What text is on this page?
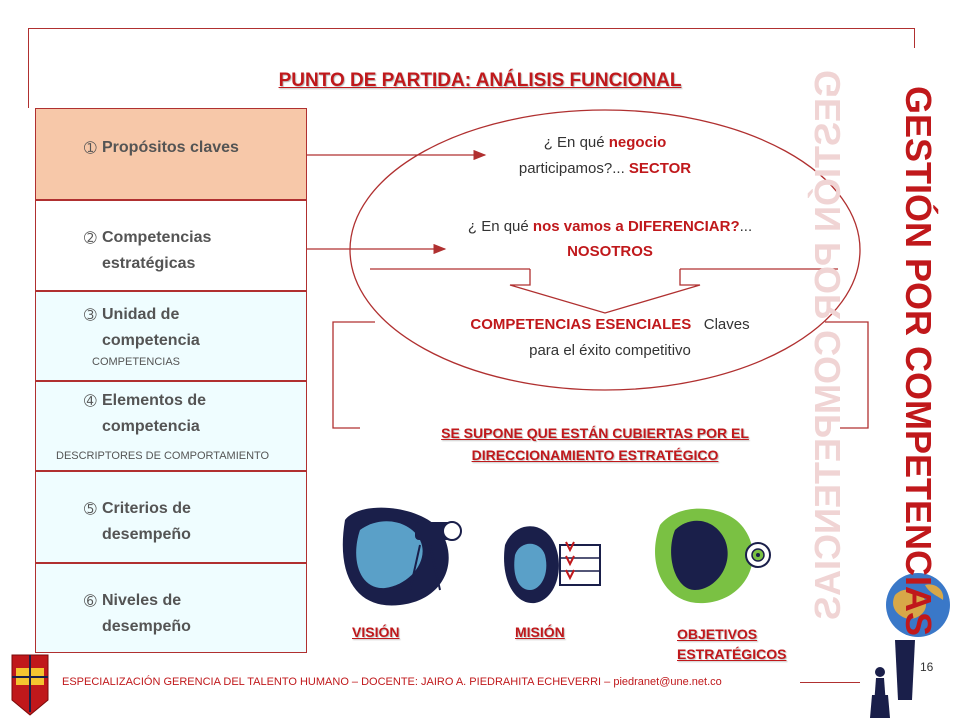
PUNTO DE PARTIDA: ANÁLISIS FUNCIONAL
➀ Propósitos claves
➁ Competencias
estratégicas
➂ Unidad de
competencia
COMPETENCIAS
➃ Elementos de
competencia
DESCRIPTORES DE COMPORTAMIENTO
➄ Criterios de
desempeño
➅ Niveles de
desempeño
¿ En qué negocio
participamos?... SECTOR
¿ En qué nos vamos a DIFERENCIAR?...
NOSOTROS
COMPETENCIAS ESENCIALES Claves
para el éxito competitivo
SE SUPONE QUE ESTÁN CUBIERTAS POR EL
DIRECCIONAMIENTO ESTRATÉGICO
VISIÓN	MISIÓN	OBJETIVOS
ESTRATÉGICOS
GESTIÓN POR COMPETENCIAS GESTIÓN POR COMPETENCIAS
ESPECIALIZACIÓN GERENCIA DEL TALENTO HUMANO – DOCENTE: JAIRO A. PIEDRAHITA ECHEVERRI – piedranet@une.net.co
16
